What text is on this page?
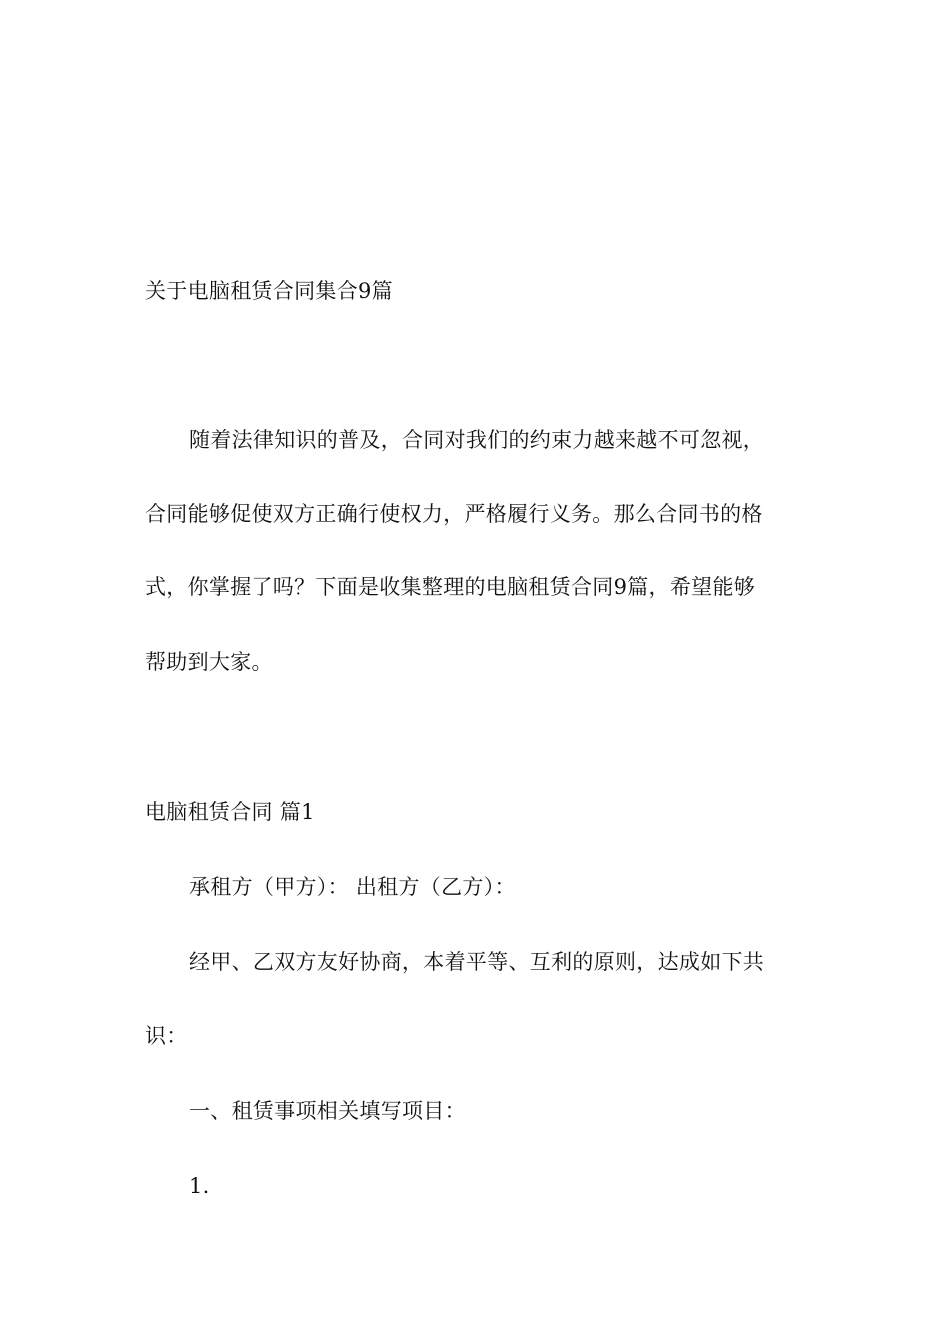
关于电脑租赁合同集合9篇
随着法律知识的普及，合同对我们的约束力越来越不可忽视，
合同能够促使双方正确行使权力，严格履行义务。那么合同书的格
式，你掌握了吗？下面是收集整理的电脑租赁合同9篇，希望能够
帮助到大家。
电脑租赁合同 篇1
承租方（甲方）： 出租方（乙方）：
经甲、乙双方友好协商，本着平等、互利的原则，达成如下共
识：
一、租赁事项相关填写项目：
1.
